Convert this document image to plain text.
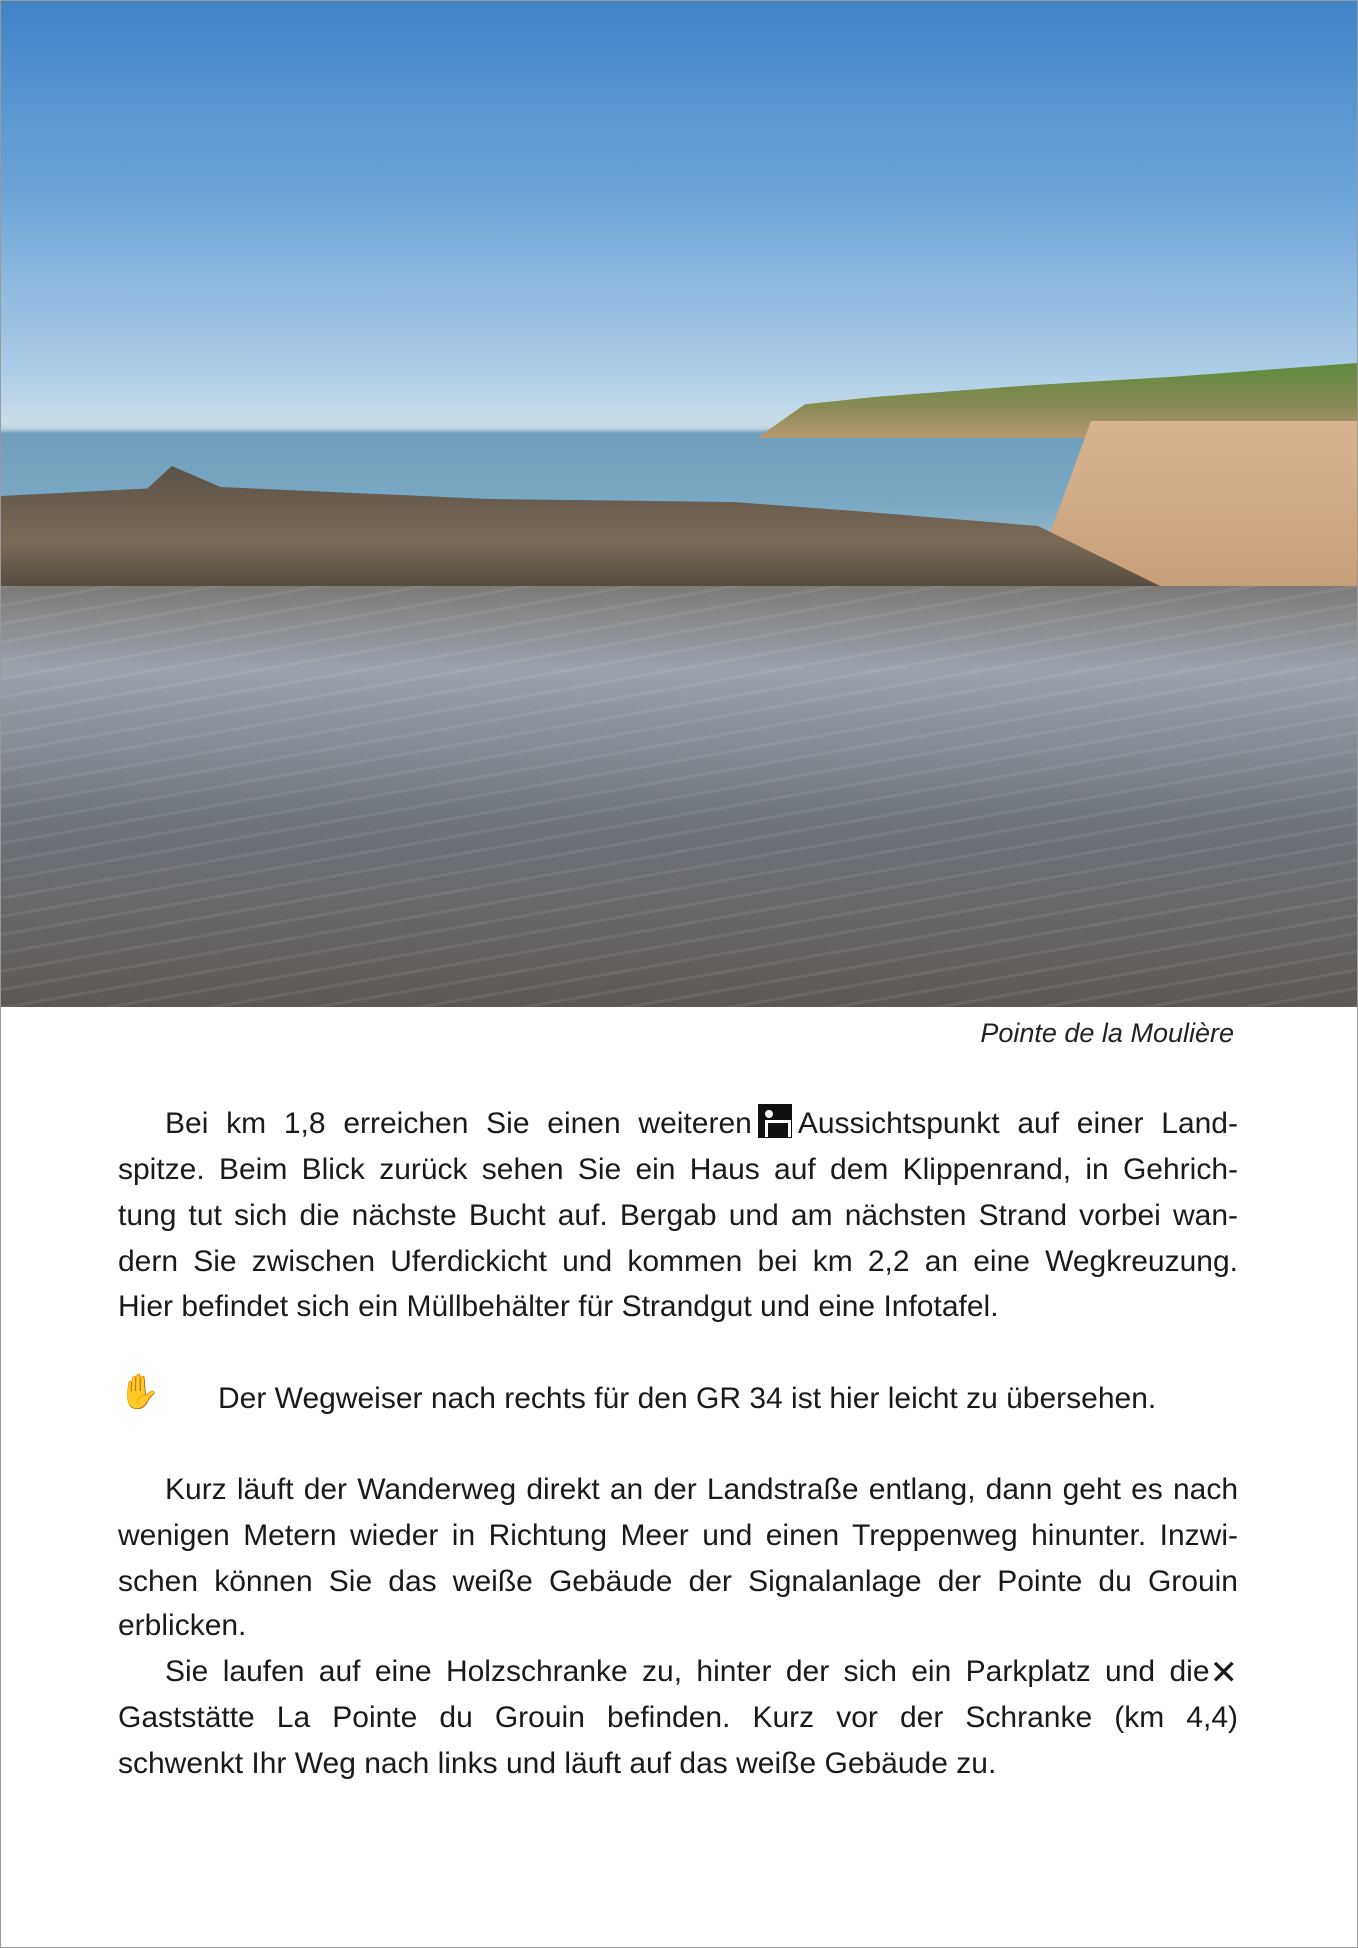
Pointe de la Moulière
Bei km 1,8 erreichen Sie einen weiteren Aussichtspunkt auf einer Land-
spitze. Beim Blick zurück sehen Sie ein Haus auf dem Klippenrand, in Gehrich-
tung tut sich die nächste Bucht auf. Bergab und am nächsten Strand vorbei wan-
dern Sie zwischen Uferdickicht und kommen bei km 2,2 an eine Wegkreuzung.
Hier befindet sich ein Müllbehälter für Strandgut und eine Infotafel.
✋ Der Wegweiser nach rechts für den GR 34 ist hier leicht zu übersehen.
Kurz läuft der Wanderweg direkt an der Landstraße entlang, dann geht es nach
wenigen Metern wieder in Richtung Meer und einen Treppenweg hinunter. Inzwi-
schen können Sie das weiße Gebäude der Signalanlage der Pointe du Grouin
erblicken.
Sie laufen auf eine Holzschranke zu, hinter der sich ein Parkplatz und die✕
Gaststätte La Pointe du Grouin befinden. Kurz vor der Schranke (km 4,4)
schwenkt Ihr Weg nach links und läuft auf das weiße Gebäude zu.
